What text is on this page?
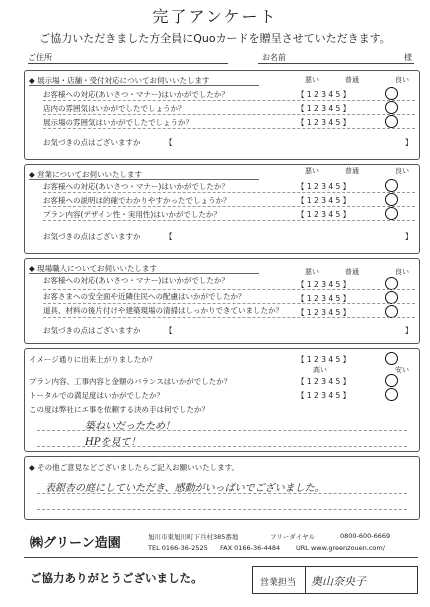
完了アンケート
ご協力いただきました方全員にQuoカードを贈呈させていただきます。
ご住所	お名前	様
◆ 展示場・店舗・受付対応についてお伺いいたします	悪い	普通	良い
お客様への対応(あいさつ・マナー)はいかがでしたか？	【 1 2 3 4 5 】
店内の雰囲気はいかがでしたでしょうか？	【 1 2 3 4 5 】
展示場の雰囲気はいかがでしたでしょうか？	【 1 2 3 4 5 】
お気づきの点はございますか	【	】
◆ 営業についてお伺いいたします	悪い	普通	良い
お客様への対応(あいさつ・マナー)はいかがでしたか？	【 1 2 3 4 5 】
お客様への説明は的確でわかりやすかったでしょうか？	【 1 2 3 4 5 】
プラン内容(デザイン性・実用性)はいかがでしたか？	【 1 2 3 4 5 】
お気づきの点はございますか	【	】
◆ 現場職人についてお伺いいたします	悪い	普通	良い
お客様への対応(あいさつ・マナー)はいかがでしたか？	【 1 2 3 4 5 】
お客さまへの安全面や近隣住民への配慮はいかがでしたか？	【 1 2 3 4 5 】
道具、材料の後片付けや建築現場の清掃はしっかりできていましたか？ 【 1 2 3 4 5 】
お気づきの点はございますか	【	】
イメージ通りに出来上がりましたか？	【 1 2 3 4 5 】
高い	安い
プラン内容、工事内容と金額のバランスはいかがでしたか？	【 1 2 3 4 5 】
トータルでの満足度はいかがでしたか？	【 1 2 3 4 5 】
この度は弊社にエ事を依頼する決め手は何でしたか？
築ねいだったため！
HPを見て！
◆ その他ご意見などございましたらご記入お願いいたします。
表銀杏の庭にしていただき、感動がいっぱいでございました。
㈱グリーン造園	旭川市東旭川町下兵村385番地	フリーダイヤル	0800-600-6669
TEL 0166-36-2525 FAX 0166-36-4484 URL www.greenzouen.com/
ご協力ありがとうございました。	営業担当 奥山奈央子
